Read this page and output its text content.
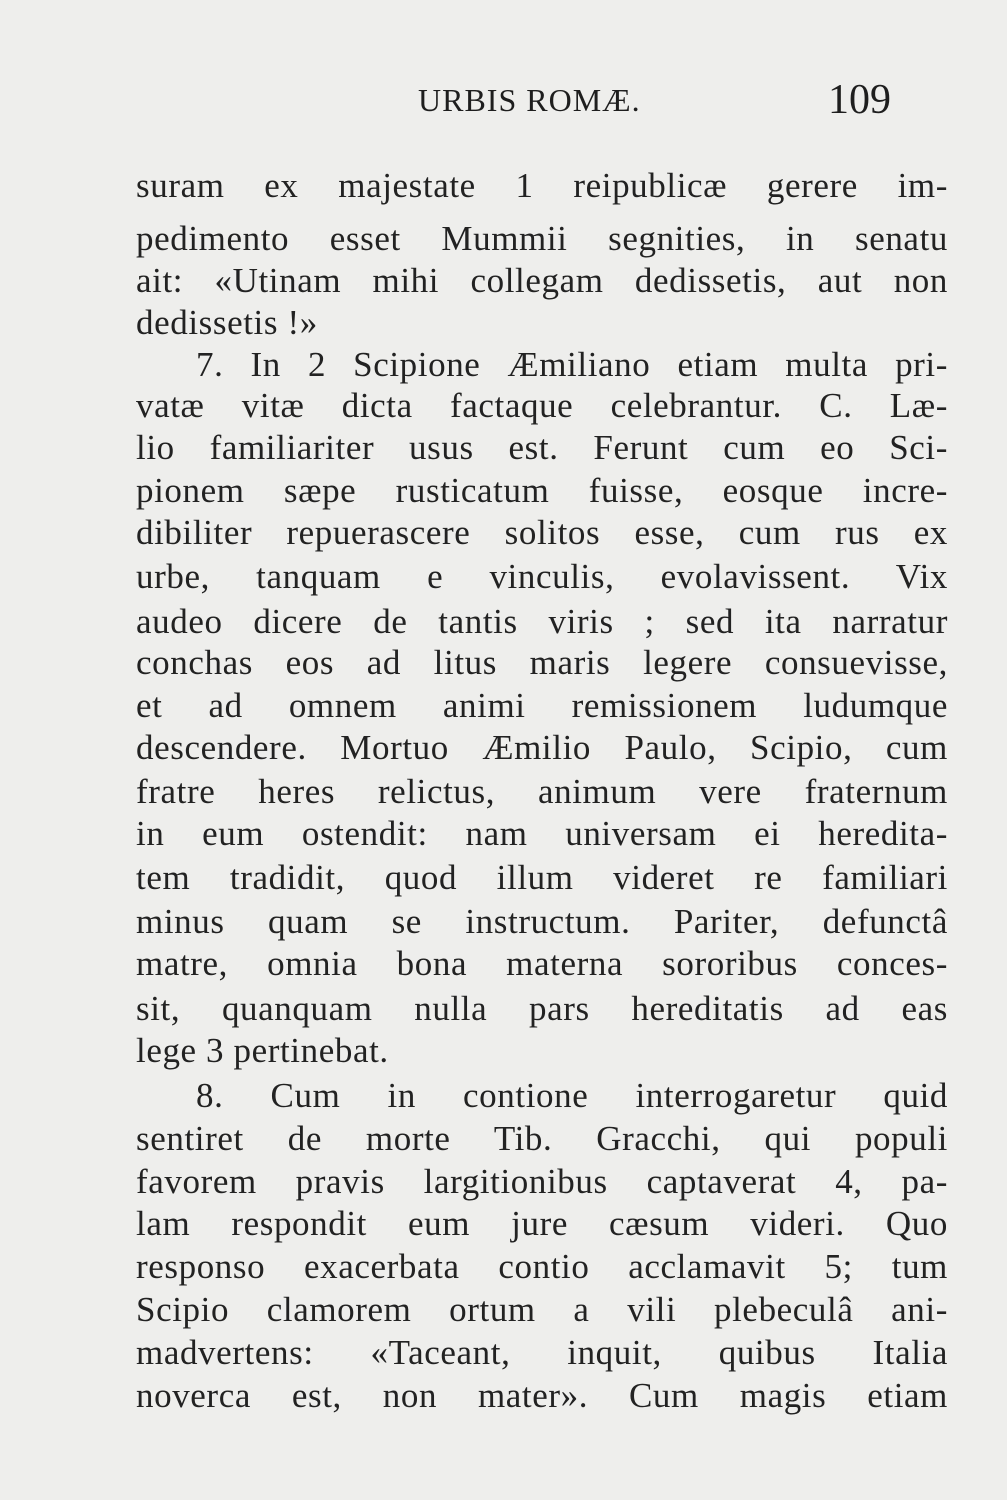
URBIS ROMÆ.	109
suram ex majestate 1 reipublicæ gerere im-
pedimento esset Mummii segnities, in senatu
ait: «Utinam mihi collegam dedissetis, aut non
dedissetis !»
7. In 2 Scipione Æmiliano etiam multa pri-
vatæ vitæ dicta factaque celebrantur. C. Læ-
lio familiariter usus est. Ferunt cum eo Sci-
pionem sæpe rusticatum fuisse, eosque incre-
dibiliter repuerascere solitos esse, cum rus ex
urbe, tanquam e vinculis, evolavissent. Vix
audeo dicere de tantis viris ; sed ita narratur
conchas eos ad litus maris legere consuevisse,
et ad omnem animi remissionem ludumque
descendere. Mortuo Æmilio Paulo, Scipio, cum
fratre heres relictus, animum vere fraternum
in eum ostendit: nam universam ei heredita-
tem tradidit, quod illum videret re familiari
minus quam se instructum. Pariter, defunctâ
matre, omnia bona materna sororibus conces-
sit, quanquam nulla pars hereditatis ad eas
lege 3 pertinebat.
8. Cum in contione interrogaretur quid
sentiret de morte Tib. Gracchi, qui populi
favorem pravis largitionibus captaverat 4, pa-
lam respondit eum jure cæsum videri. Quo
responso exacerbata contio acclamavit 5; tum
Scipio clamorem ortum a vili plebeculâ ani-
madvertens: «Taceant, inquit, quibus Italia
noverca est, non mater». Cum magis etiam
